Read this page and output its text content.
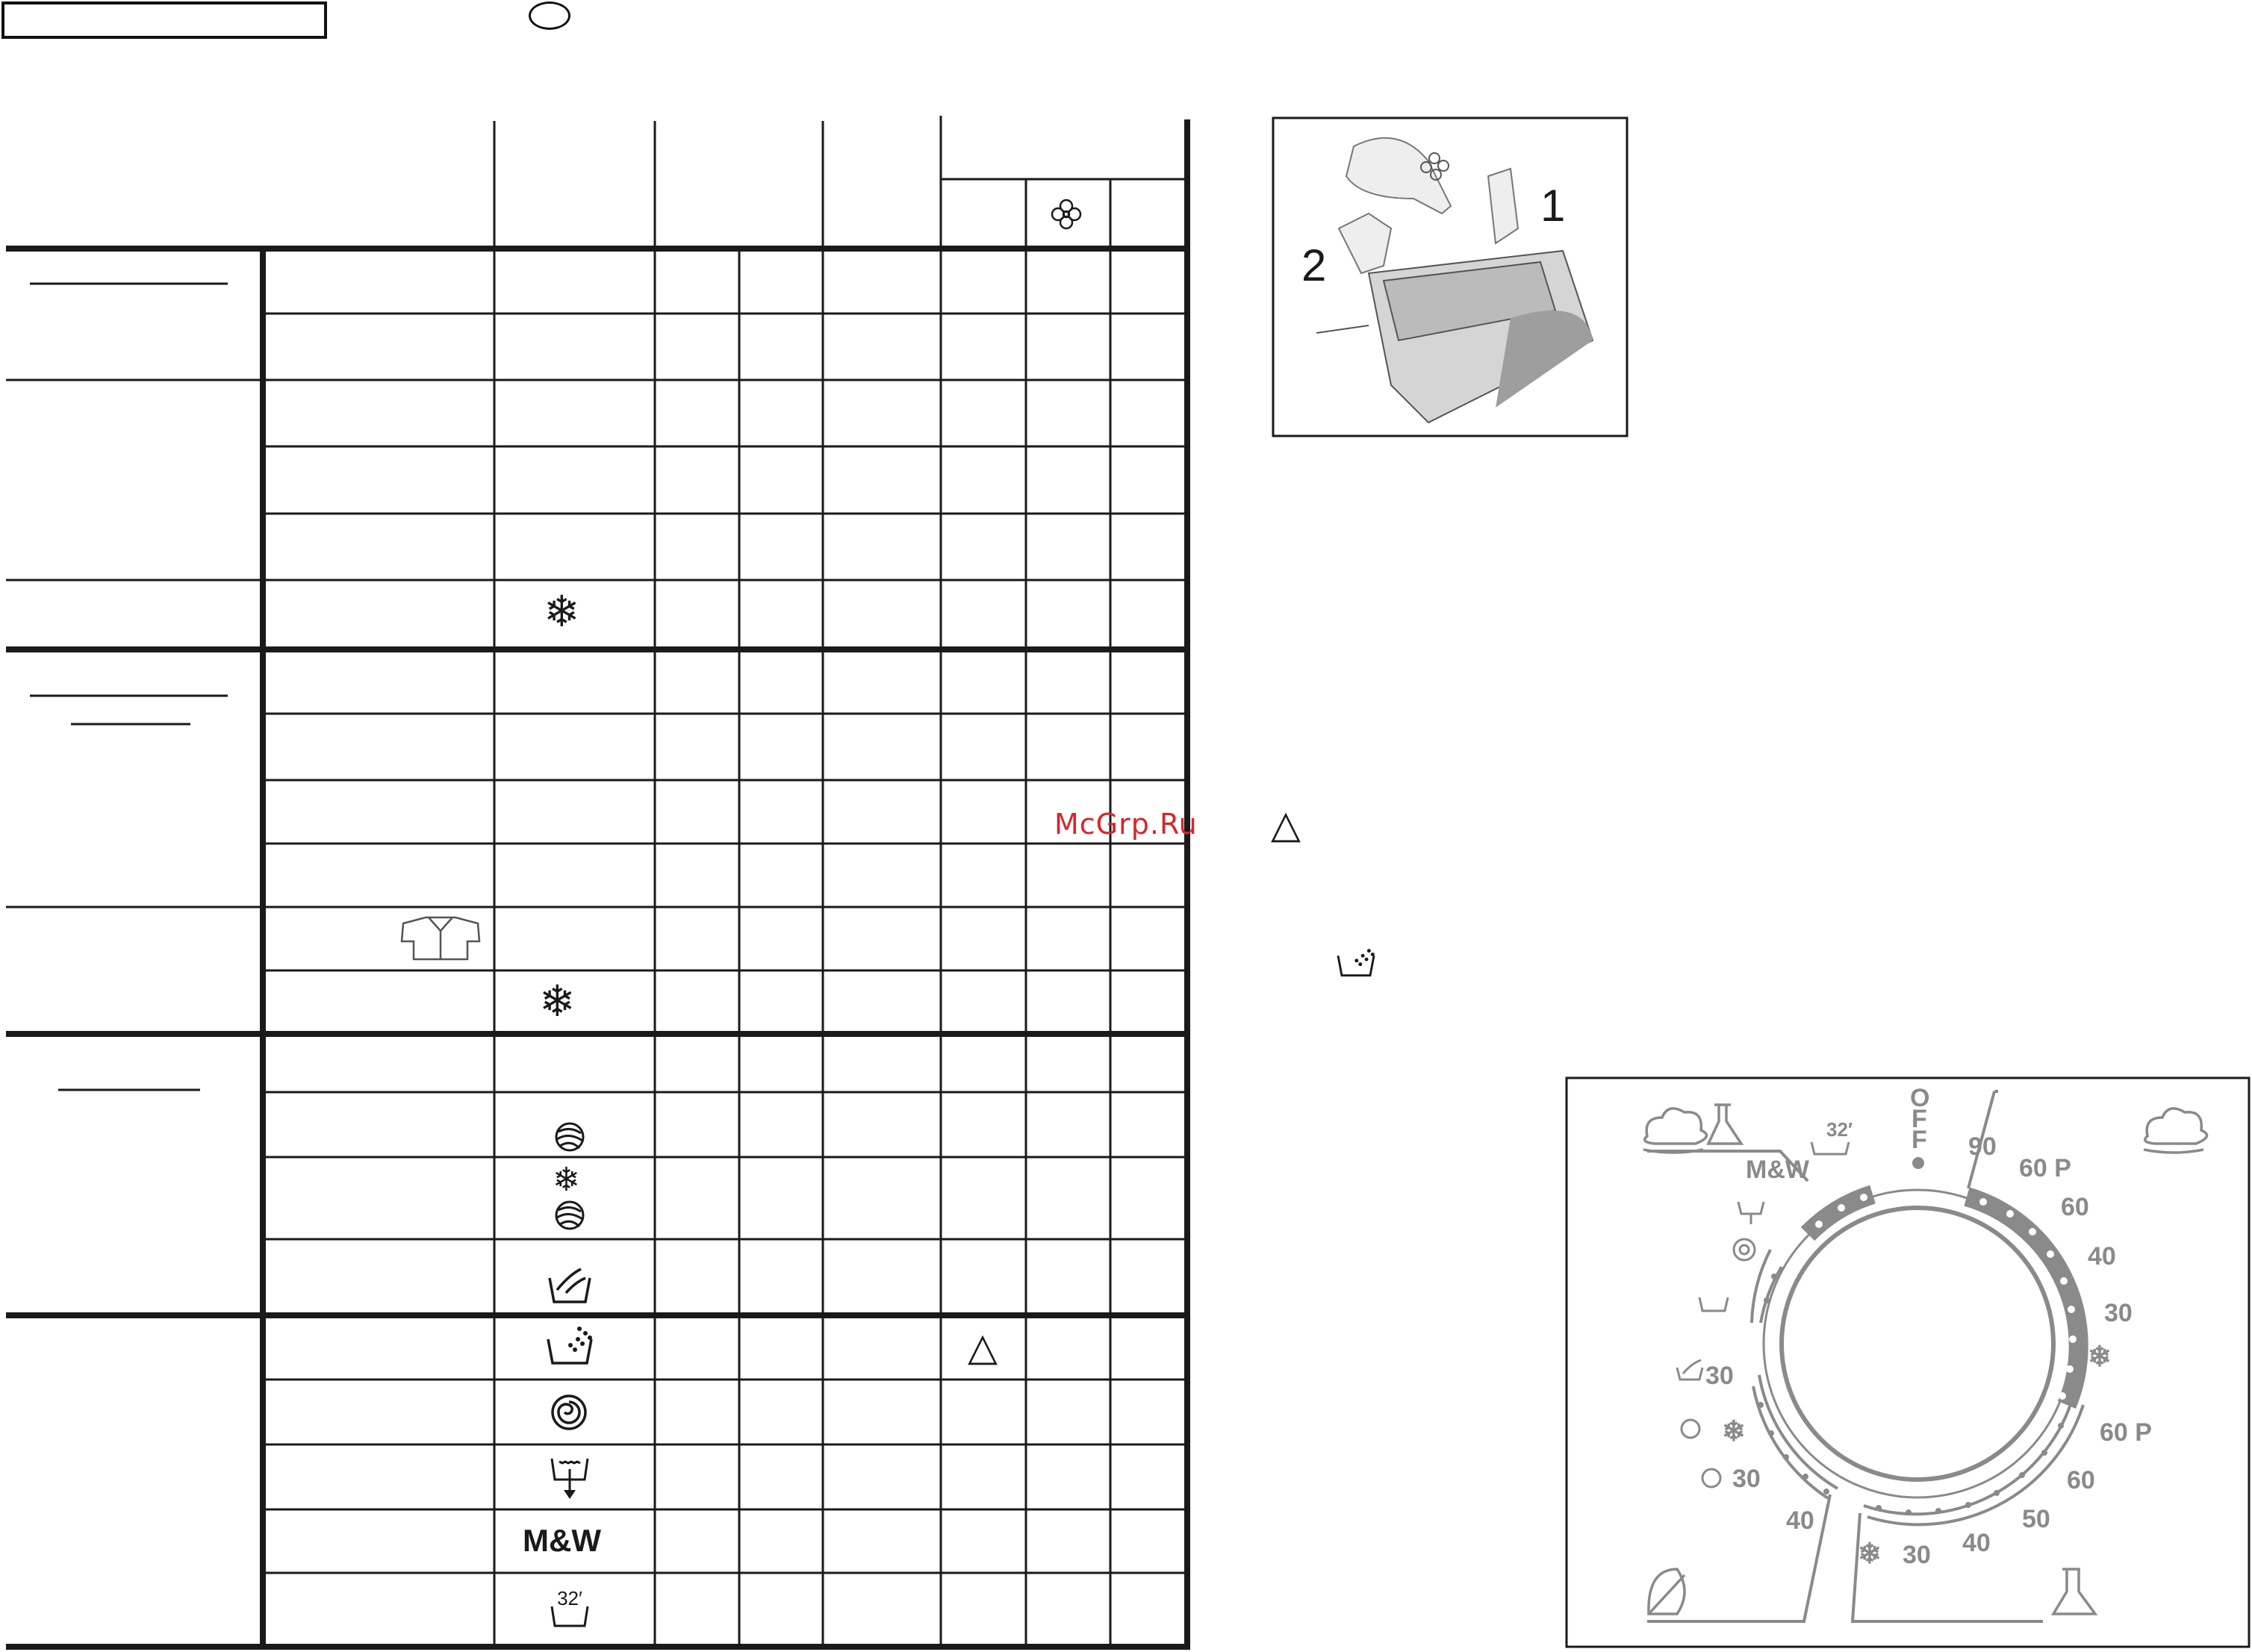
❄
❄
❄
M&W
32′
△
McGrp.Ru
1
2
△
O
F
F 90
60 P
60
40
30
❄
60 P
60
50
40
30
❄
40
30
❄
30
M&W
32′
